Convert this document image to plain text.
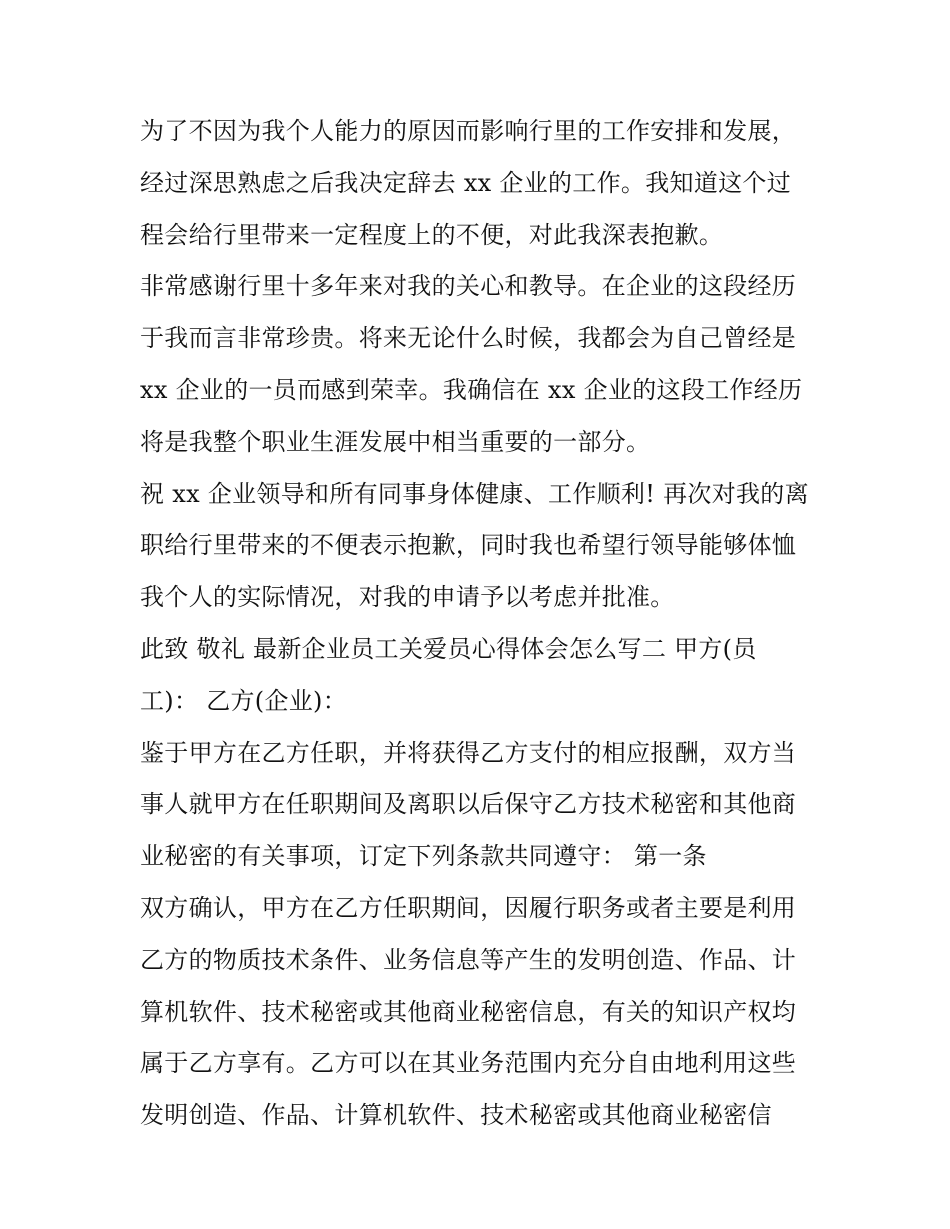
为了不因为我个人能力的原因而影响行里的工作安排和发展，
经过深思熟虑之后我决定辞去 xx 企业的工作。我知道这个过
程会给行里带来一定程度上的不便，对此我深表抱歉。
非常感谢行里十多年来对我的关心和教导。在企业的这段经历
于我而言非常珍贵。将来无论什么时候，我都会为自己曾经是
xx 企业的一员而感到荣幸。我确信在 xx 企业的这段工作经历
将是我整个职业生涯发展中相当重要的一部分。
祝 xx 企业领导和所有同事身体健康、工作顺利! 再次对我的离
职给行里带来的不便表示抱歉，同时我也希望行领导能够体恤
我个人的实际情况，对我的申请予以考虑并批准。
此致 敬礼 最新企业员工关爱员心得体会怎么写二 甲方(员
工)： 乙方(企业)：
鉴于甲方在乙方任职，并将获得乙方支付的相应报酬，双方当
事人就甲方在任职期间及离职以后保守乙方技术秘密和其他商
业秘密的有关事项，订定下列条款共同遵守： 第一条
双方确认，甲方在乙方任职期间，因履行职务或者主要是利用
乙方的物质技术条件、业务信息等产生的发明创造、作品、计
算机软件、技术秘密或其他商业秘密信息，有关的知识产权均
属于乙方享有。乙方可以在其业务范围内充分自由地利用这些
发明创造、作品、计算机软件、技术秘密或其他商业秘密信
